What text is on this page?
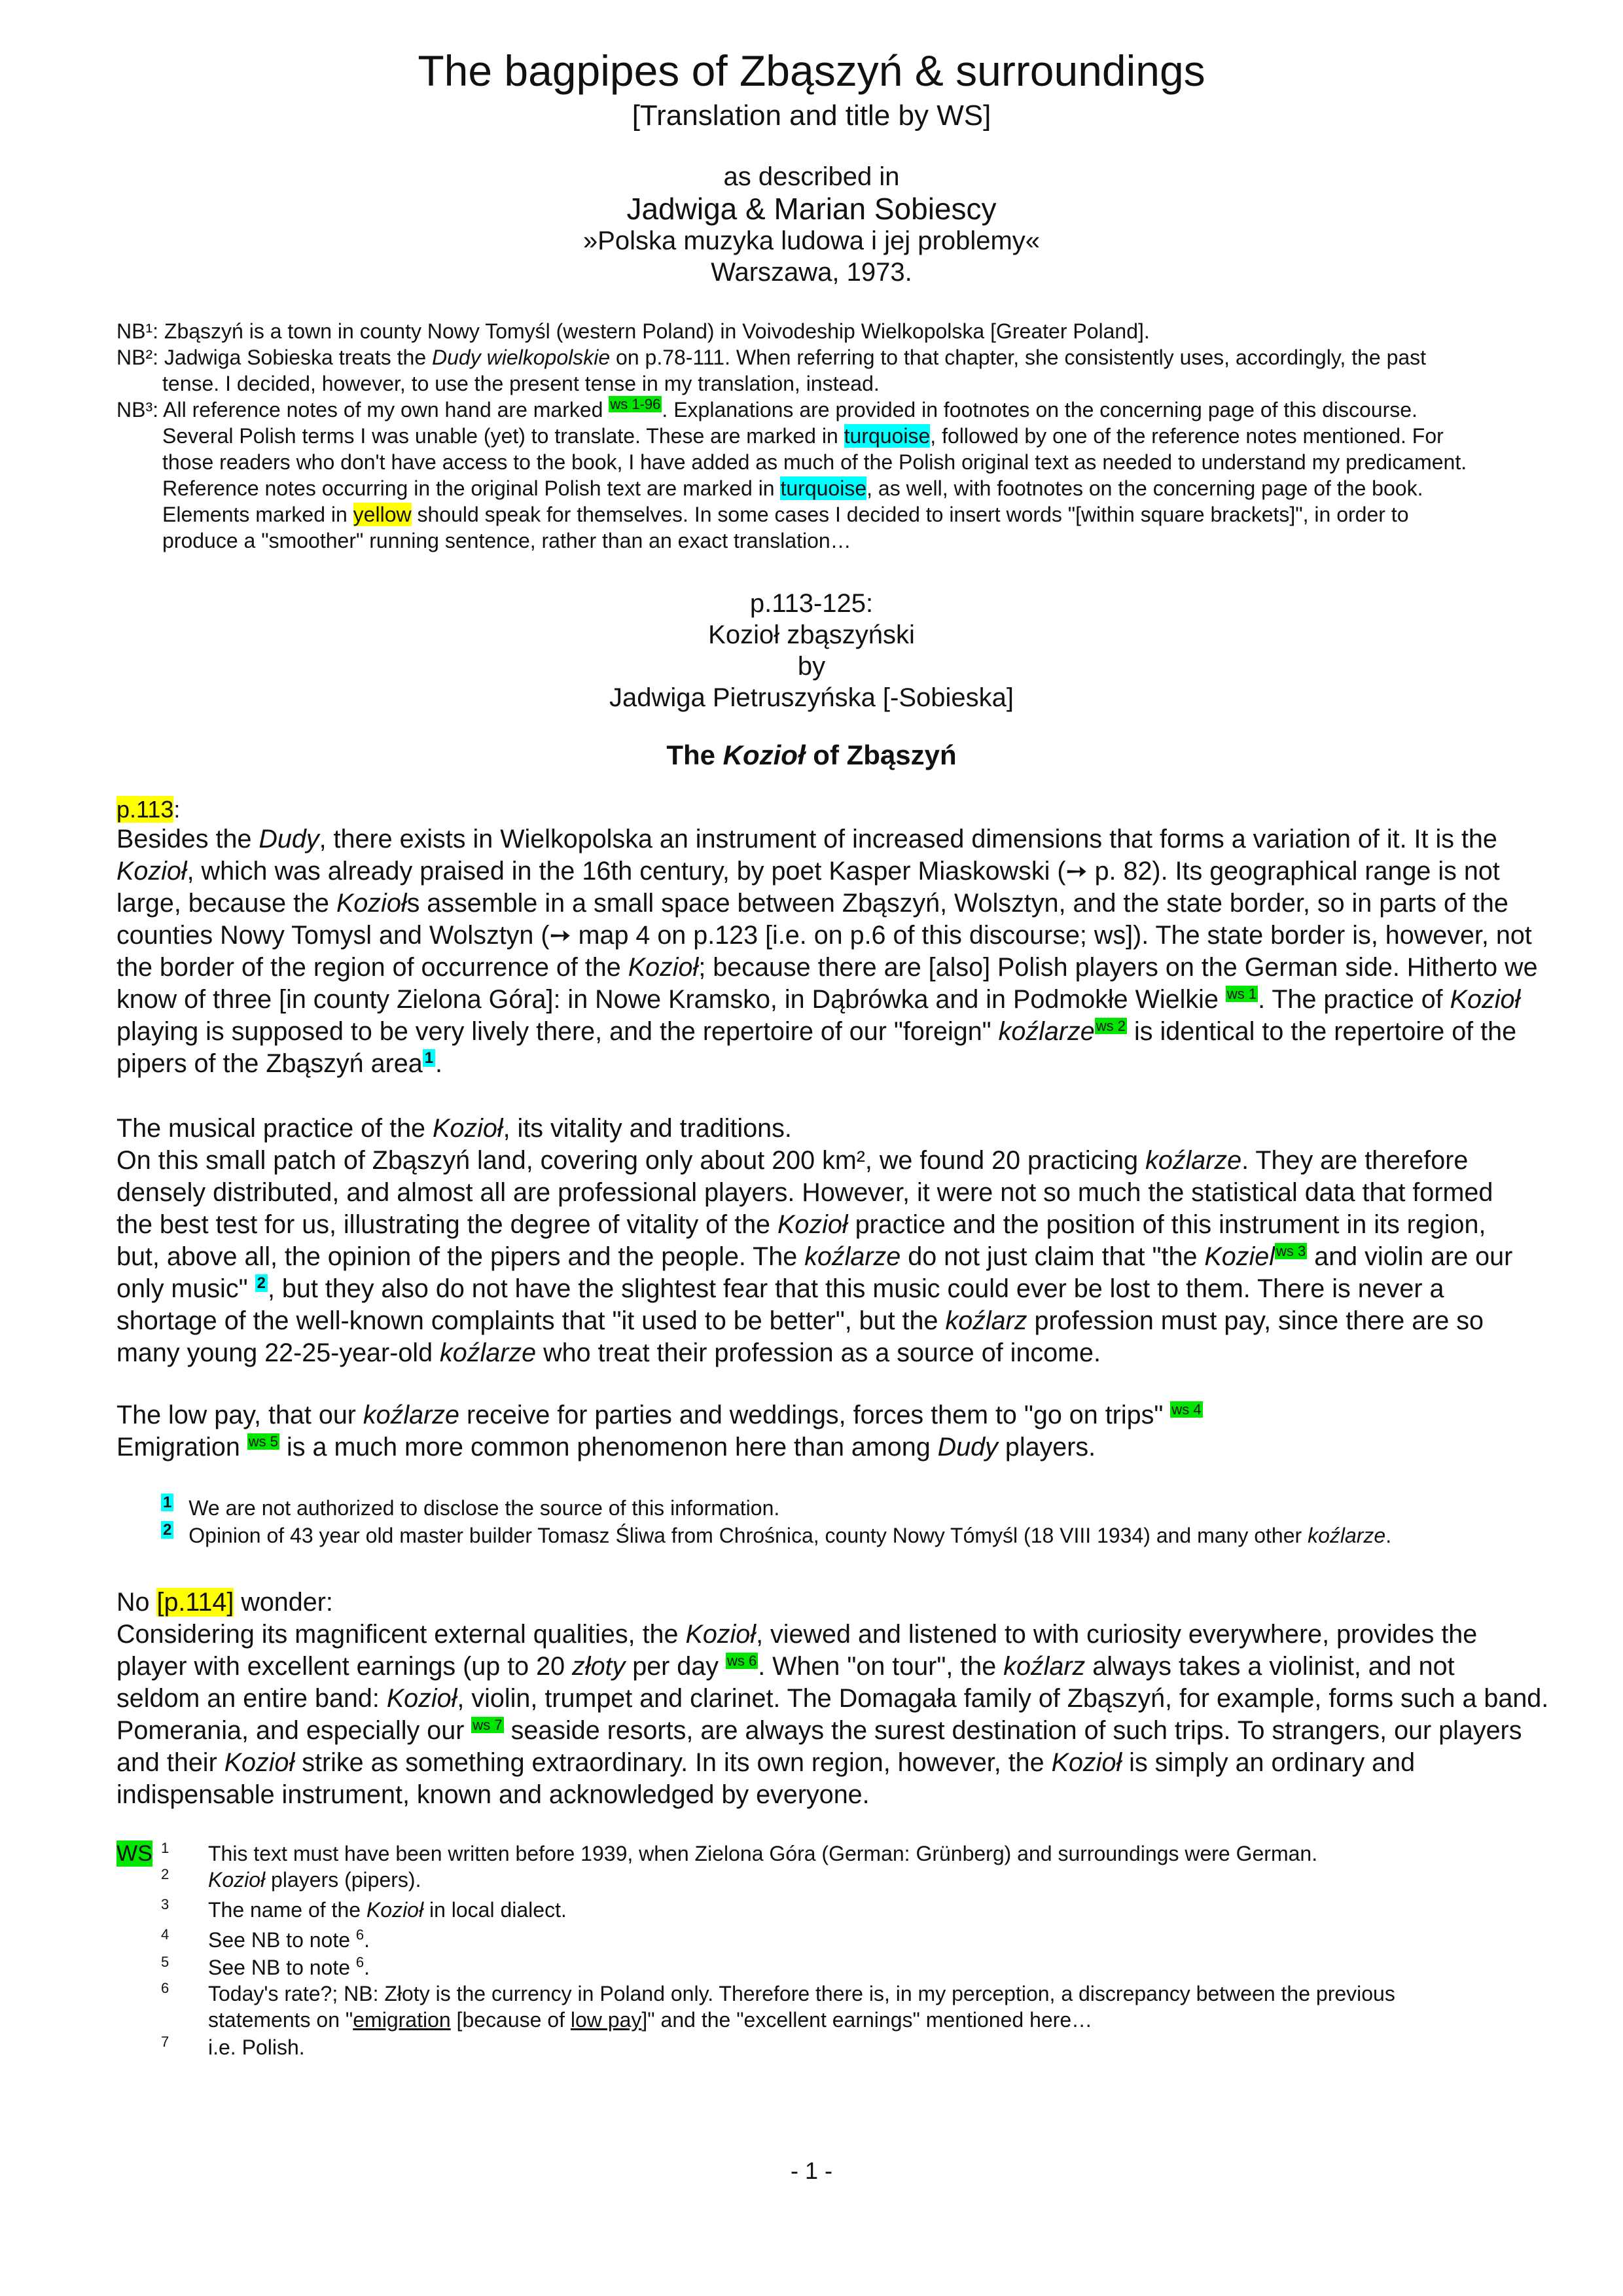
The bagpipes of Zbąszyń & surroundings
[Translation and title by WS]
as described in
Jadwiga & Marian Sobiescy
»Polska muzyka ludowa i jej problemy«
Warszawa, 1973.
NB¹: Zbąszyń is a town in county Nowy Tomyśl (western Poland) in Voivodeship Wielkopolska [Greater Poland].
NB²: Jadwiga Sobieska treats the Dudy wielkopolskie on p.78-111. When referring to that chapter, she consistently uses, accordingly, the past
tense. I decided, however, to use the present tense in my translation, instead.
NB³: All reference notes of my own hand are marked $^{ws 1-96}$. Explanations are provided in footnotes on the concerning page of this discourse.
Several Polish terms I was unable (yet) to translate. These are marked in turquoise, followed by one of the reference notes mentioned. For
those readers who don't have access to the book, I have added as much of the Polish original text as needed to understand my predicament.
Reference notes occurring in the original Polish text are marked in turquoise, as well, with footnotes on the concerning page of the book.
Elements marked in yellow should speak for themselves. In some cases I decided to insert words "[within square brackets]", in order to
produce a "smoother" running sentence, rather than an exact translation…
p.113-125:
Kozioł zbąszyński
by
Jadwiga Pietruszyńska [-Sobieska]
The Kozioł of Zbąszyń
p.113:
Besides the Dudy, there exists in Wielkopolska an instrument of increased dimensions that forms a variation of it. It is the
Kozioł, which was already praised in the 16th century, by poet Kasper Miaskowski (➙ p. 82). Its geographical range is not
large, because the Koziołs assemble in a small space between Zbąszyń, Wolsztyn, and the state border, so in parts of the
counties Nowy Tomysl and Wolsztyn (➙ map 4 on p.123 [i.e. on p.6 of this discourse; ws]). The state border is, however, not
the border of the region of occurrence of the Kozioł; because there are [also] Polish players on the German side. Hitherto we
know of three [in county Zielona Góra]: in Nowe Kramsko, in Dąbrówka and in Podmokłe Wielkie $^{ws 1}$. The practice of Kozioł
playing is supposed to be very lively there, and the repertoire of our "foreign" koźlarze$^{ws 2}$ is identical to the repertoire of the
pipers of the Zbąszyń area $^1$.
The musical practice of the Kozioł, its vitality and traditions.
On this small patch of Zbąszyń land, covering only about 200 km², we found 20 practicing koźlarze. They are therefore
densely distributed, and almost all are professional players. However, it were not so much the statistical data that formed
the best test for us, illustrating the degree of vitality of the Kozioł practice and the position of this instrument in its region,
but, above all, the opinion of the pipers and the people. The koźlarze do not just claim that "the Koziel$^{ws 3}$ and violin are our
only music" $^2$, but they also do not have the slightest fear that this music could ever be lost to them. There is never a
shortage of the well-known complaints that "it used to be better", but the koźlarz profession must pay, since there are so
many young 22-25-year-old koźlarze who treat their profession as a source of income.
The low pay, that our koźlarze receive for parties and weddings, forces them to "go on trips" $^{ws 4}$
Emigration $^{ws 5}$ is a much more common phenomenon here than among Dudy players.
$^1$ We are not authorized to disclose the source of this information.
$^2$ Opinion of 43 year old master builder Tomasz Śliwa from Chrośnica, county Nowy Tómyśl (18 VIII 1934) and many other koźlarze.
No [p.114] wonder:
Considering its magnificent external qualities, the Kozioł, viewed and listened to with curiosity everywhere, provides the
player with excellent earnings (up to 20 złoty per day $^{ws 6}$. When "on tour", the koźlarz always takes a violinist, and not
seldom an entire band: Kozioł, violin, trumpet and clarinet. The Domagała family of Zbąszyń, for example, forms such a band.
Pomerania, and especially our $^{ws 7}$ seaside resorts, are always the surest destination of such trips. To strangers, our players
and their Kozioł strike as something extraordinary. In its own region, however, the Kozioł is simply an ordinary and
indispensable instrument, known and acknowledged by everyone.
WS 1 This text must have been written before 1939, when Zielona Góra (German: Grünberg) and surroundings were German.
2 Kozioł players (pipers).
3 The name of the Kozioł in local dialect.
4 See NB to note $^6$.
5 See NB to note $^6$.
6 Today's rate?; NB: Złoty is the currency in Poland only. Therefore there is, in my perception, a discrepancy between the previous
statements on "emigration [because of low pay]" and the "excellent earnings" mentioned here…
7 i.e. Polish.
- 1 -
